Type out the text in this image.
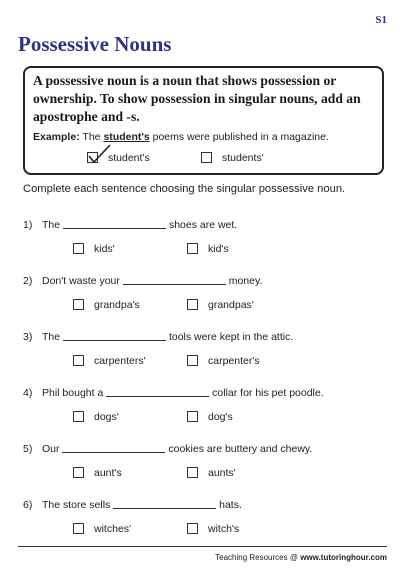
S1
Possessive Nouns
A possessive noun is a noun that shows possession or ownership. To show possession in singular nouns, add an apostrophe and -s.
Example: The student's poems were published in a magazine.
student's	students'
Complete each sentence choosing the singular possessive noun.
1) The	shoes are wet.
kids'	kid's
2) Don't waste your	money.
grandpa's	grandpas'
3) The	tools were kept in the attic.
carpenters'	carpenter's
4) Phil bought a	collar for his pet poodle.
dogs'	dog's
5) Our	cookies are buttery and chewy.
aunt's	aunts'
6) The store sells	hats.
witches'	witch's
Teaching Resources @ www.tutoringhour.com
